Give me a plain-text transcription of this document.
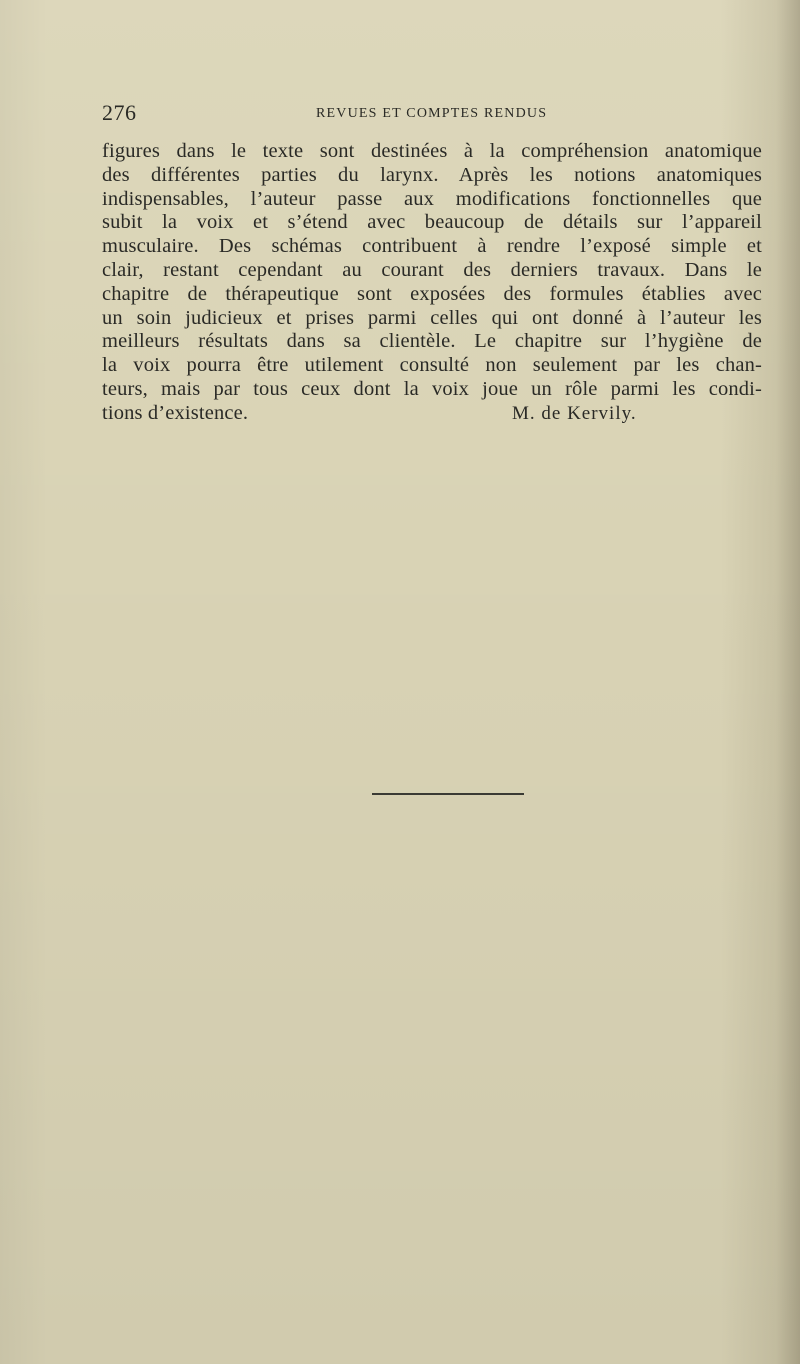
276	REVUES ET COMPTES RENDUS
figures dans le texte sont destinées à la compréhension anatomique
des différentes parties du larynx. Après les notions anatomiques
indispensables, l’auteur passe aux modifications fonctionnelles que
subit la voix et s’étend avec beaucoup de détails sur l’appareil
musculaire. Des schémas contribuent à rendre l’exposé simple et
clair, restant cependant au courant des derniers travaux. Dans le
chapitre de thérapeutique sont exposées des formules établies avec
un soin judicieux et prises parmi celles qui ont donné à l’auteur les
meilleurs résultats dans sa clientèle. Le chapitre sur l’hygiène de
la voix pourra être utilement consulté non seulement par les chan-
teurs, mais par tous ceux dont la voix joue un rôle parmi les condi-
tions d’existence.	M. de Kervily.
